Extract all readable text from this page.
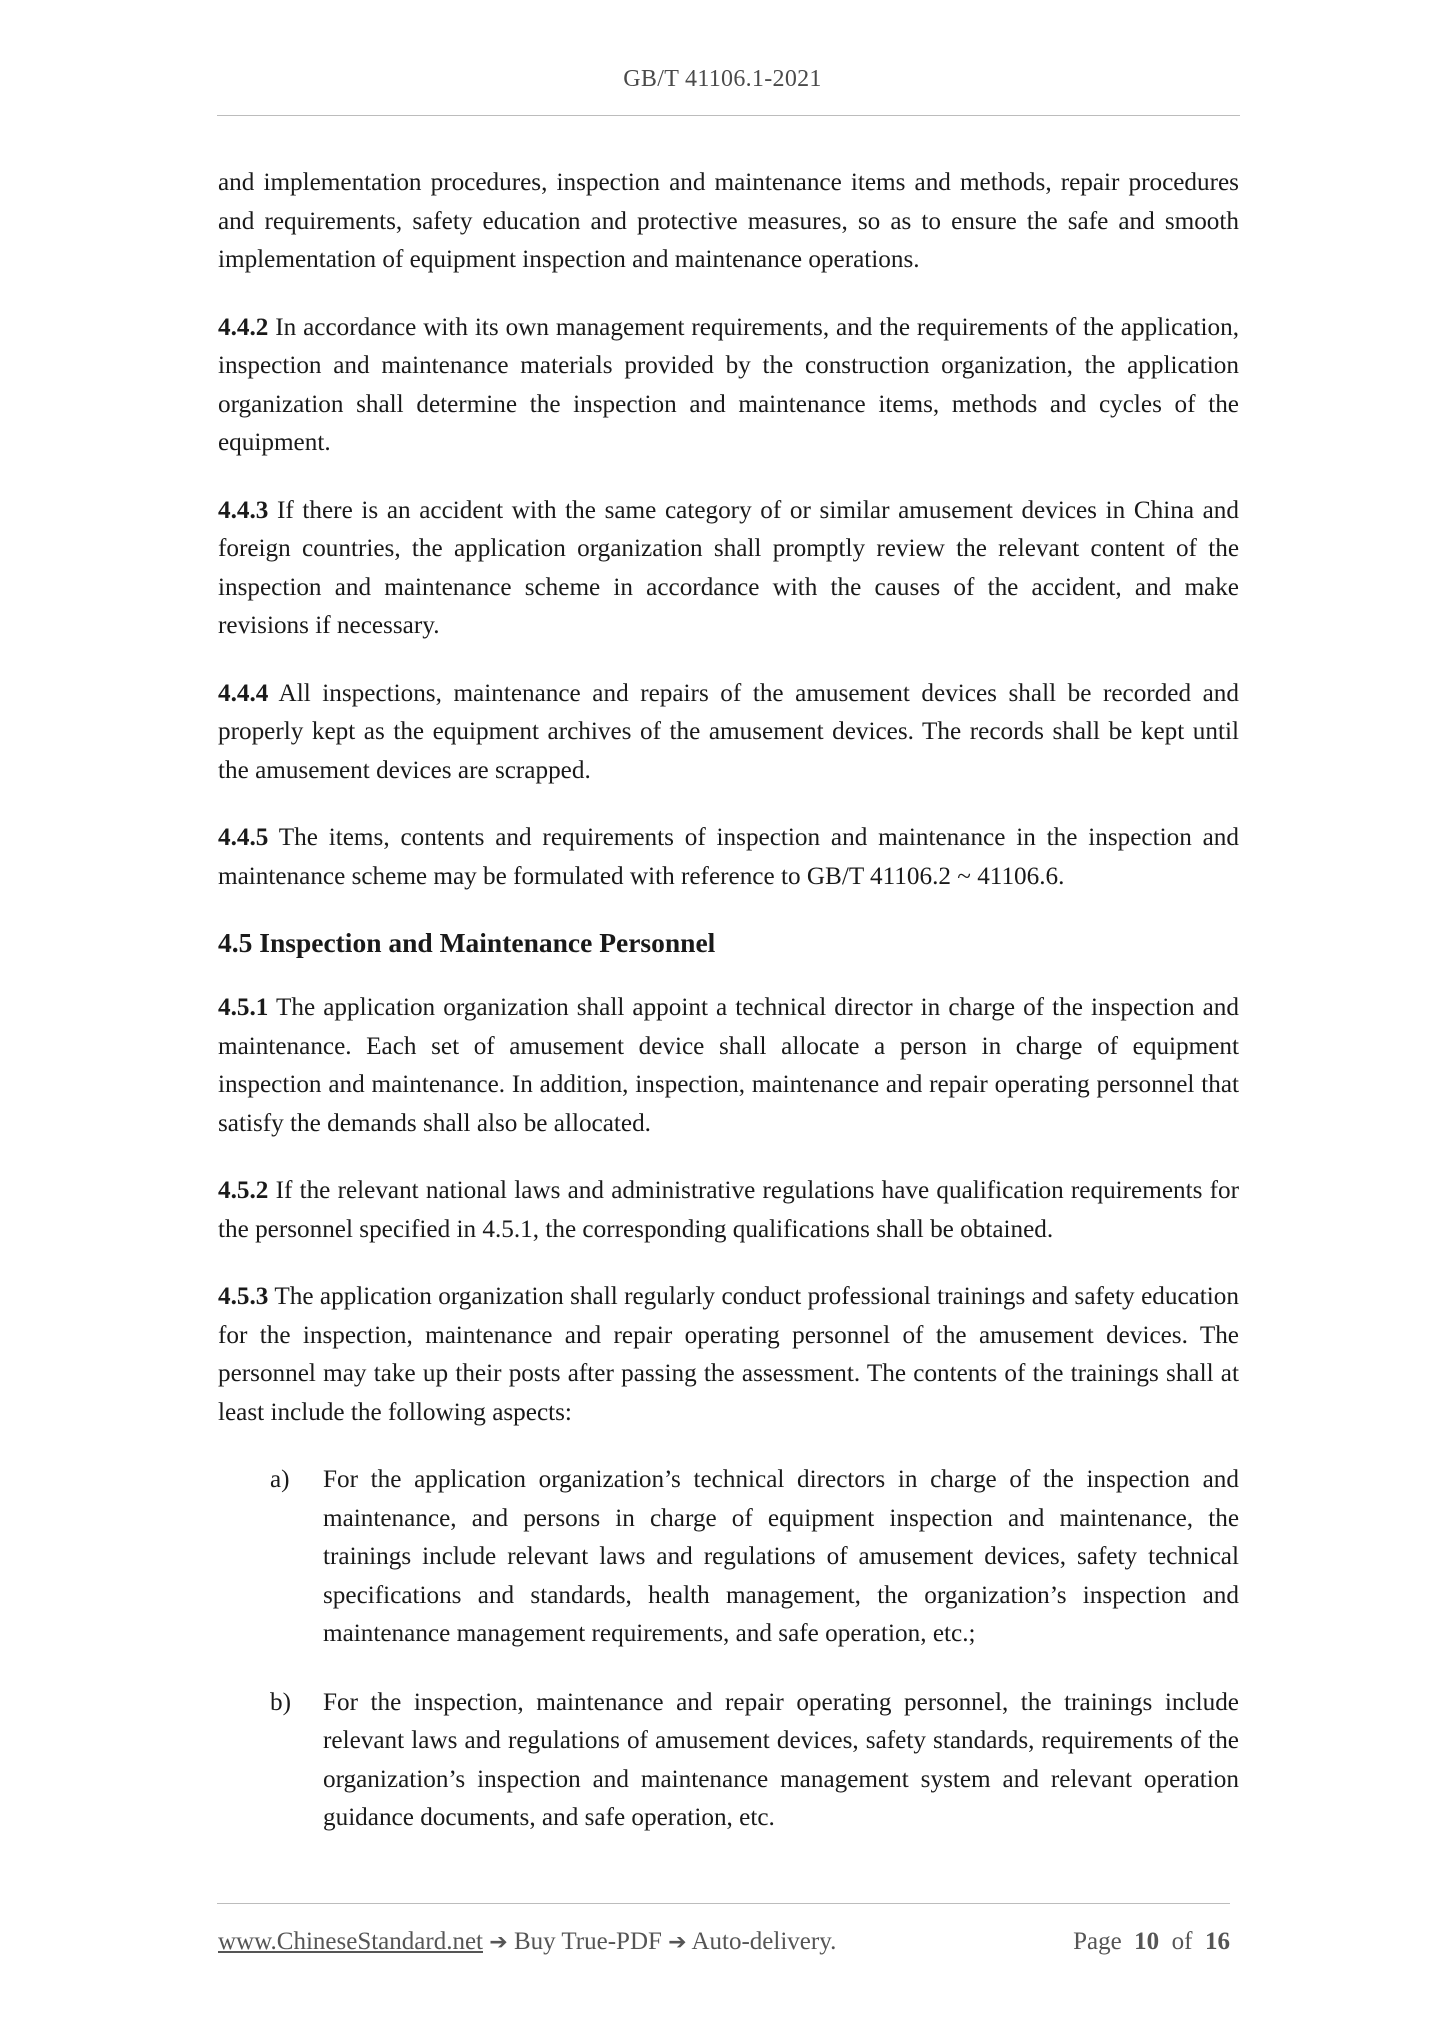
GB/T 41106.1-2021

and implementation procedures, inspection and maintenance items and methods, repair procedures and requirements, safety education and protective measures, so as to ensure the safe and smooth implementation of equipment inspection and maintenance operations.

4.4.2 In accordance with its own management requirements, and the requirements of the application, inspection and maintenance materials provided by the construction organization, the application organization shall determine the inspection and maintenance items, methods and cycles of the equipment.

4.4.3 If there is an accident with the same category of or similar amusement devices in China and foreign countries, the application organization shall promptly review the relevant content of the inspection and maintenance scheme in accordance with the causes of the accident, and make revisions if necessary.

4.4.4 All inspections, maintenance and repairs of the amusement devices shall be recorded and properly kept as the equipment archives of the amusement devices. The records shall be kept until the amusement devices are scrapped.

4.4.5 The items, contents and requirements of inspection and maintenance in the inspection and maintenance scheme may be formulated with reference to GB/T 41106.2 ~ 41106.6.

4.5 Inspection and Maintenance Personnel

4.5.1 The application organization shall appoint a technical director in charge of the inspection and maintenance. Each set of amusement device shall allocate a person in charge of equipment inspection and maintenance. In addition, inspection, maintenance and repair operating personnel that satisfy the demands shall also be allocated.

4.5.2 If the relevant national laws and administrative regulations have qualification requirements for the personnel specified in 4.5.1, the corresponding qualifications shall be obtained.

4.5.3 The application organization shall regularly conduct professional trainings and safety education for the inspection, maintenance and repair operating personnel of the amusement devices. The personnel may take up their posts after passing the assessment. The contents of the trainings shall at least include the following aspects:

a)	For the application organization’s technical directors in charge of the inspection and maintenance, and persons in charge of equipment inspection and maintenance, the trainings include relevant laws and regulations of amusement devices, safety technical specifications and standards, health management, the organization’s inspection and maintenance management requirements, and safe operation, etc.;
b)	For the inspection, maintenance and repair operating personnel, the trainings include relevant laws and regulations of amusement devices, safety standards, requirements of the organization’s inspection and maintenance management system and relevant operation guidance documents, and safe operation, etc.
www.ChineseStandard.net ➔ Buy True-PDF ➔ Auto-delivery.	Page 10 of 16
